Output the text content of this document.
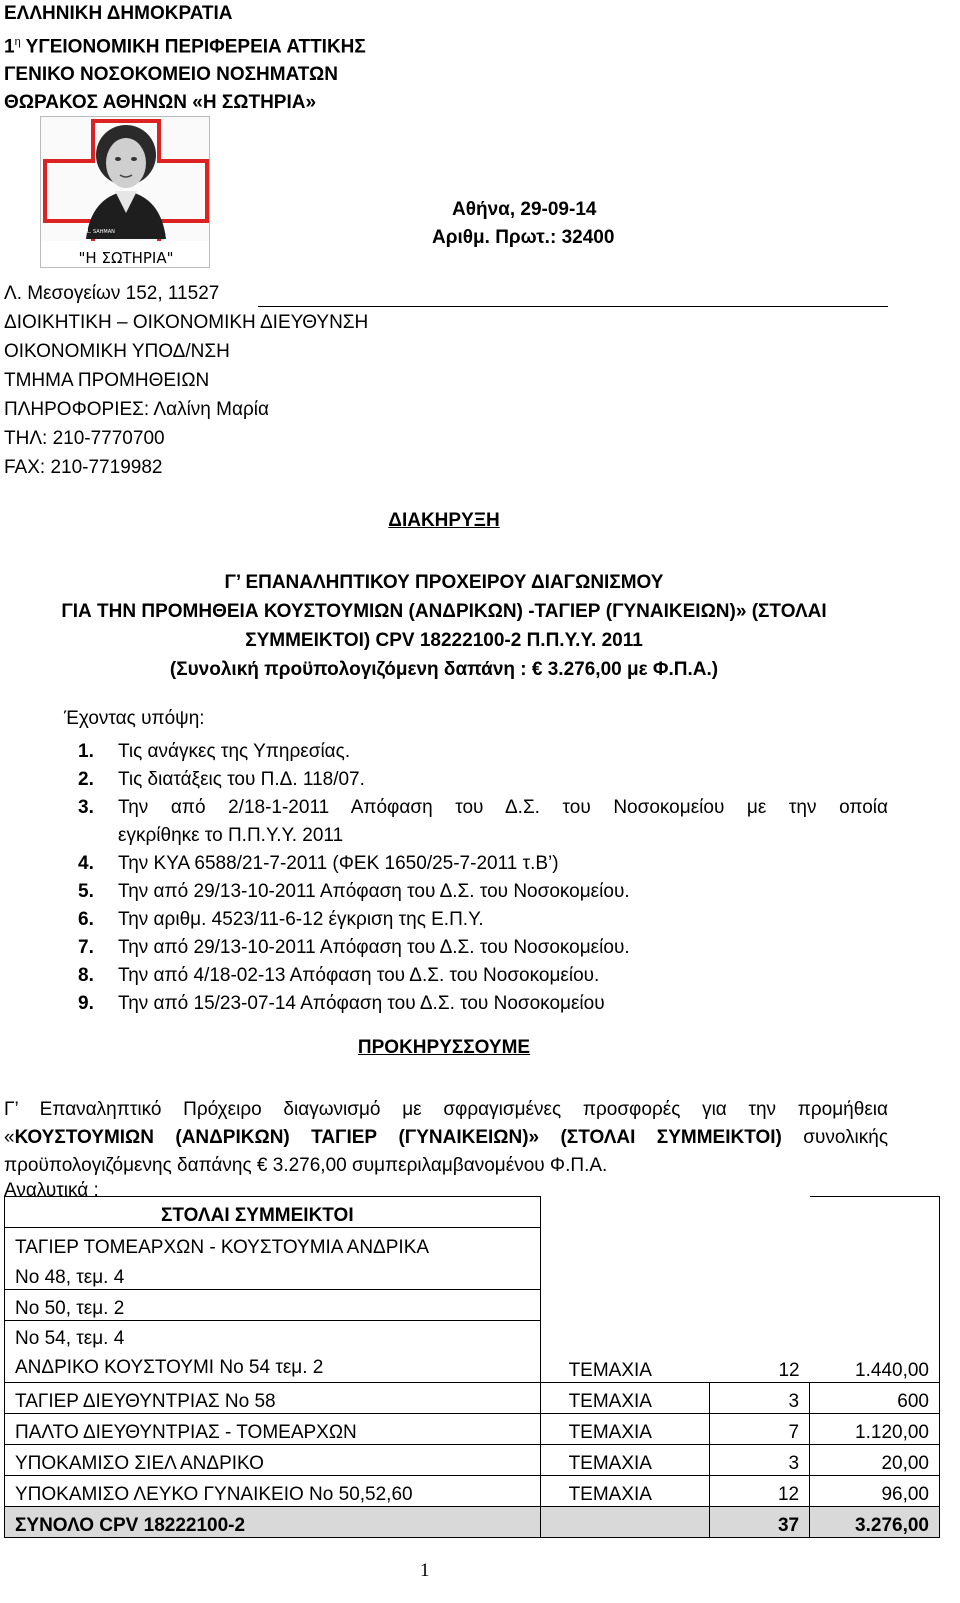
ΕΛΛΗΝΙΚΗ ΔΗΜΟΚΡΑΤΙΑ
$1^\eta$ ΥΓΕΙΟΝΟΜΙΚΗ ΠΕΡΙΦΕΡΕΙΑ ΑΤΤΙΚΗΣ
ΓΕΝΙΚΟ ΝΟΣΟΚΟΜΕΙΟ ΝΟΣΗΜΑΤΩΝ
ΘΩΡΑΚΟΣ ΑΘΗΝΩΝ «Η ΣΩΤΗΡΙΑ»
L. SAHMAN
"Η ΣΩΤΗΡΙΑ"
Αθήνα, 29-09-14
Αριθμ. Πρωτ.: 32400
Λ. Μεσογείων 152, 11527
ΔΙΟΙΚΗΤΙΚΗ – ΟΙΚΟΝΟΜΙΚΗ ΔΙΕΥΘΥΝΣΗ
ΟΙΚΟΝΟΜΙΚΗ ΥΠΟΔ/ΝΣΗ
ΤΜΗΜΑ ΠΡΟΜΗΘΕΙΩΝ
ΠΛΗΡΟΦΟΡΙΕΣ: Λαλίνη Μαρία
ΤΗΛ: 210-7770700
FAX: 210-7719982
ΔΙΑΚΗΡΥΞΗ
Γ’ ΕΠΑΝΑΛΗΠΤΙΚΟΥ ΠΡΟΧΕΙΡΟΥ ΔΙΑΓΩΝΙΣΜΟΥ
ΓΙΑ ΤΗΝ ΠΡΟΜΗΘΕΙΑ ΚΟΥΣΤΟΥΜΙΩΝ (ΑΝΔΡΙΚΩΝ) -ΤΑΓΙΕΡ (ΓΥΝΑΙΚΕΙΩΝ)» (ΣΤΟΛΑΙ
ΣΥΜΜΕΙΚΤΟΙ) CPV 18222100-2 Π.Π.Υ.Υ. 2011
(Συνολική προϋπολογιζόμενη δαπάνη : € 3.276,00 με Φ.Π.Α.)
Έχοντας υπόψη:
1.	Τις ανάγκες της Υπηρεσίας.
2.	Τις διατάξεις του Π.Δ. 118/07.
3.	Την από 2/18-1-2011 Απόφαση του Δ.Σ. του Νοσοκομείου με την οποία
εγκρίθηκε το Π.Π.Υ.Υ. 2011
4.	Την ΚΥΑ 6588/21-7-2011 (ΦΕΚ 1650/25-7-2011 τ.Β’)
5.	Την από 29/13-10-2011 Απόφαση του Δ.Σ. του Νοσοκομείου.
6.	Την αριθμ. 4523/11-6-12 έγκριση της Ε.Π.Υ.
7.	Την από 29/13-10-2011 Απόφαση του Δ.Σ. του Νοσοκομείου.
8.	Την από 4/18-02-13 Απόφαση του Δ.Σ. του Νοσοκομείου.
9.	Την από 15/23-07-14 Απόφαση του Δ.Σ. του Νοσοκομείου
ΠΡΟΚΗΡΥΣΣΟΥΜΕ
Γ’ Επαναληπτικό Πρόχειρο διαγωνισμό με σφραγισμένες προσφορές για την προμήθεια
«ΚΟΥΣΤΟΥΜΙΩΝ (ΑΝΔΡΙΚΩΝ) ΤΑΓΙΕΡ (ΓΥΝΑΙΚΕΙΩΝ)» (ΣΤΟΛΑΙ ΣΥΜΜΕΙΚΤΟΙ) συνολικής
προϋπολογιζόμενης δαπάνης € 3.276,00 συμπεριλαμβανομένου Φ.Π.Α.
Αναλυτικά :
ΣΤΟΛΑΙ ΣΥΜΜΕΙΚΤΟΙ			
ΤΑΓΙΕΡ ΤΟΜΕΑΡΧΩΝ - ΚΟΥΣΤΟΥΜΙΑ ΑΝΔΡΙΚΑ			
Νο 48, τεμ. 4			
Νο 50, τεμ. 2			

Νο 54, τεμ. 4
ΑΝΔΡΙΚΟ ΚΟΥΣΤΟΥΜΙ Νο 54 τεμ. 2	ΤΕΜΑΧΙΑ	12	1.440,00
ΤΑΓΙΕΡ ΔΙΕΥΘΥΝΤΡΙΑΣ Νο 58	ΤΕΜΑΧΙΑ	3	600
ΠΑΛΤΟ ΔΙΕΥΘΥΝΤΡΙΑΣ - ΤΟΜΕΑΡΧΩΝ	ΤΕΜΑΧΙΑ	7	1.120,00
ΥΠΟΚΑΜΙΣΟ ΣΙΕΛ ΑΝΔΡΙΚΟ	ΤΕΜΑΧΙΑ	3	20,00
ΥΠΟΚΑΜΙΣΟ ΛΕΥΚΟ ΓΥΝΑΙΚΕΙΟ Νο 50,52,60	ΤΕΜΑΧΙΑ	12	96,00
ΣΥΝΟΛΟ CPV 18222100-2		37	3.276,00
1
